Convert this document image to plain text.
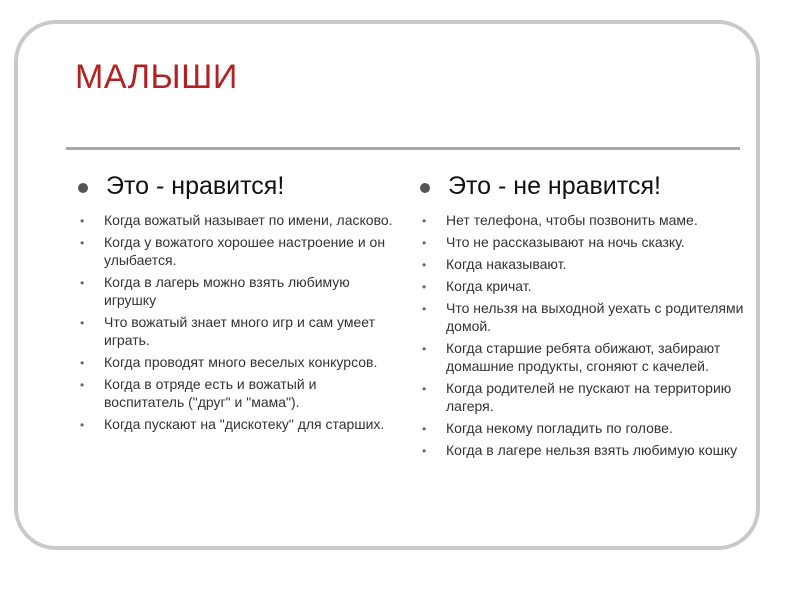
МАЛЫШИ
Это - нравится!
• Когда вожатый называет по имени, ласково.
• Когда у вожатого хорошее настроение и он улыбается.
• Когда в лагерь можно взять любимую игрушку
• Что вожатый знает много игр и сам умеет играть.
• Когда проводят много веселых конкурсов.
• Когда в отряде есть и вожатый и воспитатель ("друг" и "мама").
• Когда пускают на "дискотеку" для старших.
Это - не нравится!
• Нет телефона, чтобы позвонить маме.
• Что не рассказывают на ночь сказку.
• Когда наказывают.
• Когда кричат.
• Что нельзя на выходной уехать с родителями домой.
• Когда старшие ребята обижают, забирают домашние продукты, сгоняют с качелей.
• Когда родителей не пускают на территорию лагеря.
• Когда некому погладить по голове.
• Когда в лагере нельзя взять любимую кошку
